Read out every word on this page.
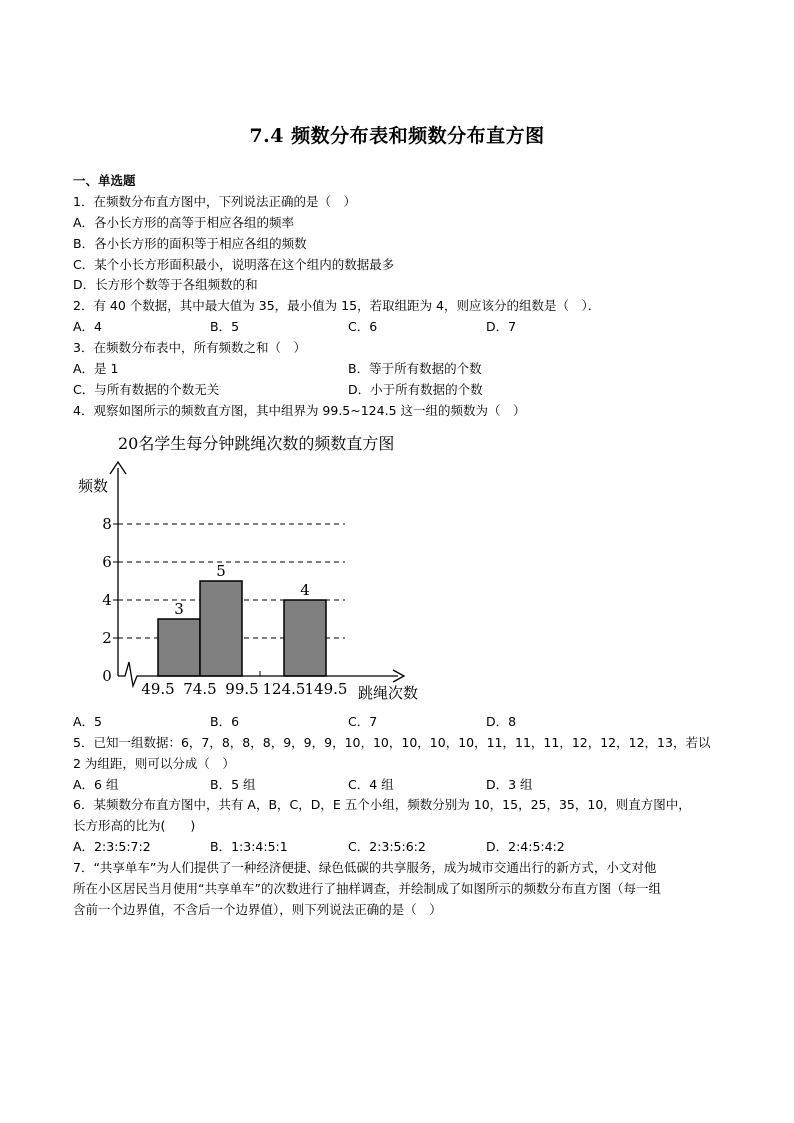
7.4 频数分布表和频数分布直方图
一、单选题
1．在频数分布直方图中，下列说法正确的是（　）
A．各小长方形的高等于相应各组的频率
B．各小长方形的面积等于相应各组的频数
C．某个小长方形面积最小，说明落在这个组内的数据最多
D．长方形个数等于各组频数的和
2．有 40 个数据，其中最大值为 35，最小值为 15，若取组距为 4，则应该分的组数是（　）．
A．4	B．5	C．6	D．7
3．在频数分布表中，所有频数之和（　）
A．是 1	B．等于所有数据的个数
C．与所有数据的个数无关	D．小于所有数据的个数
4．观察如图所示的频数直方图，其中组界为 99.5~124.5 这一组的频数为（　）
20名学生每分钟跳绳次数的频数直方图
频数
跳绳次数
3
5
4
0
2
4
6
8
49.5 74.5 99.5 124.5 149.5
A．5	B．6	C．7	D．8
5．已知一组数据：6，7，8，8，8，9，9，9，10，10，10，10，10，11，11，11，12，12，12，13，若以
2 为组距，则可以分成（　）
A．6 组	B．5 组	C．4 组	D．3 组
6．某频数分布直方图中，共有 A，B，C，D，E 五个小组，频数分别为 10，15，25，35，10，则直方图中，
长方形高的比为(　　)
A．2:3:5:7:2	B．1:3:4:5:1	C．2:3:5:6:2	D．2:4:5:4:2
7．“共享单车”为人们提供了一种经济便捷、绿色低碳的共享服务，成为城市交通出行的新方式，小文对他
所在小区居民当月使用“共享单车”的次数进行了抽样调查，并绘制成了如图所示的频数分布直方图（每一组
含前一个边界值，不含后一个边界值），则下列说法正确的是（　）
